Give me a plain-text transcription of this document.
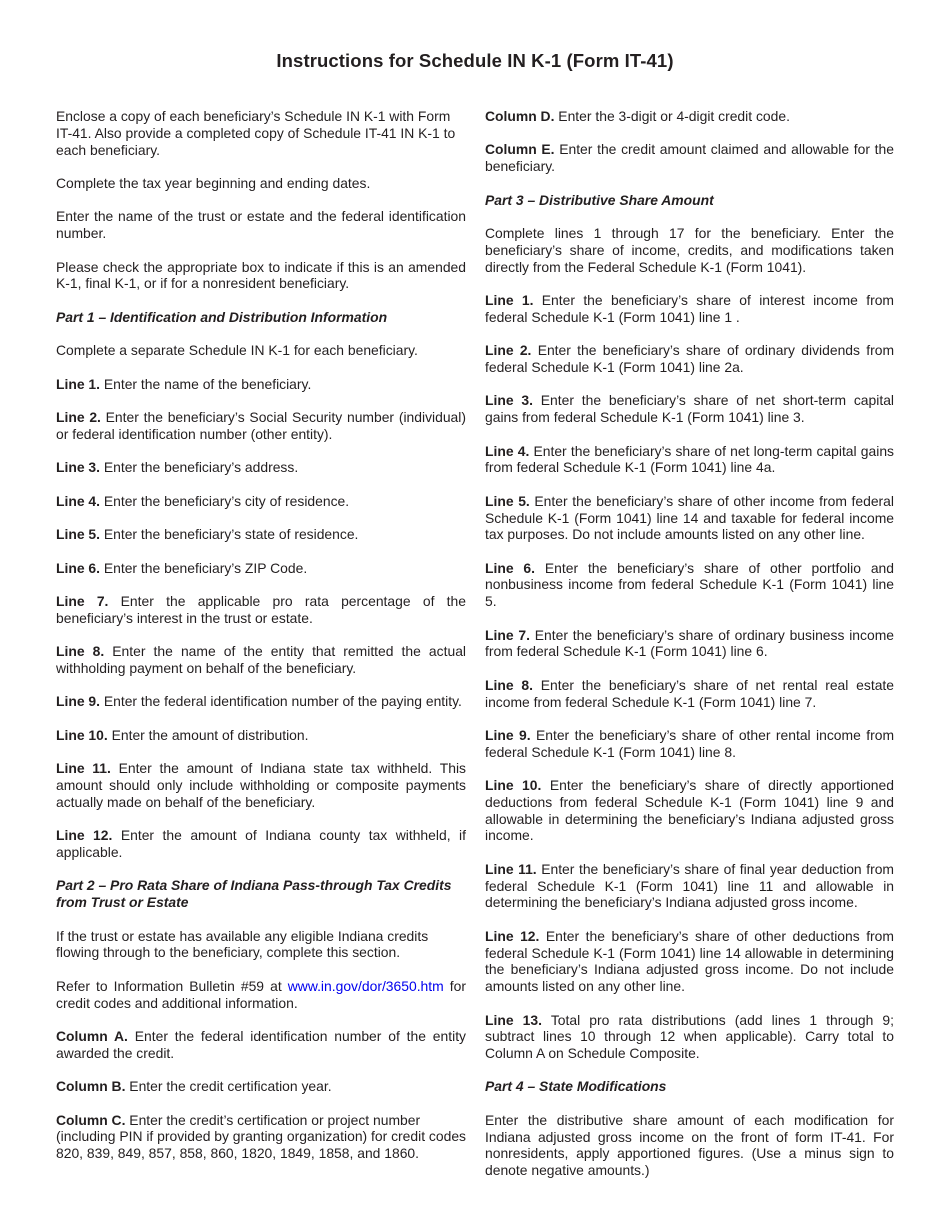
Instructions for Schedule IN K-1 (Form IT-41)

Enclose a copy of each beneficiary’s Schedule IN K-1 with Form IT-41. Also provide a completed copy of Schedule IT-41 IN K-1 to each beneficiary.

Complete the tax year beginning and ending dates.

Enter the name of the trust or estate and the federal identification number.

Please check the appropriate box to indicate if this is an amended K-1, final K-1, or if for a nonresident beneficiary.

Part 1 – Identification and Distribution Information

Complete a separate Schedule IN K-1 for each beneficiary.

Line 1. Enter the name of the beneficiary.

Line 2. Enter the beneficiary’s Social Security number (individual) or federal identification number (other entity).

Line 3. Enter the beneficiary’s address.

Line 4. Enter the beneficiary’s city of residence.

Line 5. Enter the beneficiary’s state of residence.

Line 6. Enter the beneficiary’s ZIP Code.

Line 7. Enter the applicable pro rata percentage of the beneficiary’s interest in the trust or estate.

Line 8. Enter the name of the entity that remitted the actual withholding payment on behalf of the beneficiary.

Line 9. Enter the federal identification number of the paying entity.

Line 10. Enter the amount of distribution.

Line 11. Enter the amount of Indiana state tax withheld. This amount should only include withholding or composite payments actually made on behalf of the beneficiary.

Line 12. Enter the amount of Indiana county tax withheld, if applicable.

Part 2 – Pro Rata Share of Indiana Pass-through Tax Credits from Trust or Estate

If the trust or estate has available any eligible Indiana credits flowing through to the beneficiary, complete this section.

Refer to Information Bulletin #59 at www.in.gov/dor/3650.htm for credit codes and additional information.

Column A. Enter the federal identification number of the entity awarded the credit.

Column B. Enter the credit certification year.

Column C. Enter the credit’s certification or project number (including PIN if provided by granting organization) for credit codes 820, 839, 849, 857, 858, 860, 1820, 1849, 1858, and 1860.

Column D. Enter the 3-digit or 4-digit credit code.

Column E. Enter the credit amount claimed and allowable for the beneficiary.

Part 3 – Distributive Share Amount

Complete lines 1 through 17 for the beneficiary. Enter the beneficiary’s share of income, credits, and modifications taken directly from the Federal Schedule K-1 (Form 1041).

Line 1. Enter the beneficiary’s share of interest income from federal Schedule K-1 (Form 1041) line 1 .

Line 2. Enter the beneficiary’s share of ordinary dividends from federal Schedule K-1 (Form 1041) line 2a.

Line 3. Enter the beneficiary’s share of net short-term capital gains from federal Schedule K-1 (Form 1041) line 3.

Line 4. Enter the beneficiary’s share of net long-term capital gains from federal Schedule K-1 (Form 1041) line 4a.

Line 5. Enter the beneficiary’s share of other income from federal Schedule K-1 (Form 1041) line 14 and taxable for federal income tax purposes. Do not include amounts listed on any other line.

Line 6. Enter the beneficiary’s share of other portfolio and nonbusiness income from federal Schedule K-1 (Form 1041) line 5.

Line 7. Enter the beneficiary’s share of ordinary business income from federal Schedule K-1 (Form 1041) line 6.

Line 8. Enter the beneficiary’s share of net rental real estate income from federal Schedule K-1 (Form 1041) line 7.

Line 9. Enter the beneficiary’s share of other rental income from federal Schedule K-1 (Form 1041) line 8.

Line 10. Enter the beneficiary’s share of directly apportioned deductions from federal Schedule K-1 (Form 1041) line 9 and allowable in determining the beneficiary’s Indiana adjusted gross income.

Line 11. Enter the beneficiary’s share of final year deduction from federal Schedule K-1 (Form 1041) line 11 and allowable in determining the beneficiary’s Indiana adjusted gross income.

Line 12. Enter the beneficiary’s share of other deductions from federal Schedule K-1 (Form 1041) line 14 allowable in determining the beneficiary’s Indiana adjusted gross income. Do not include amounts listed on any other line.

Line 13. Total pro rata distributions (add lines 1 through 9; subtract lines 10 through 12 when applicable). Carry total to Column A on Schedule Composite.

Part 4 – State Modifications

Enter the distributive share amount of each modification for Indiana adjusted gross income on the front of form IT-41. For nonresidents, apply apportioned figures. (Use a minus sign to denote negative amounts.)
